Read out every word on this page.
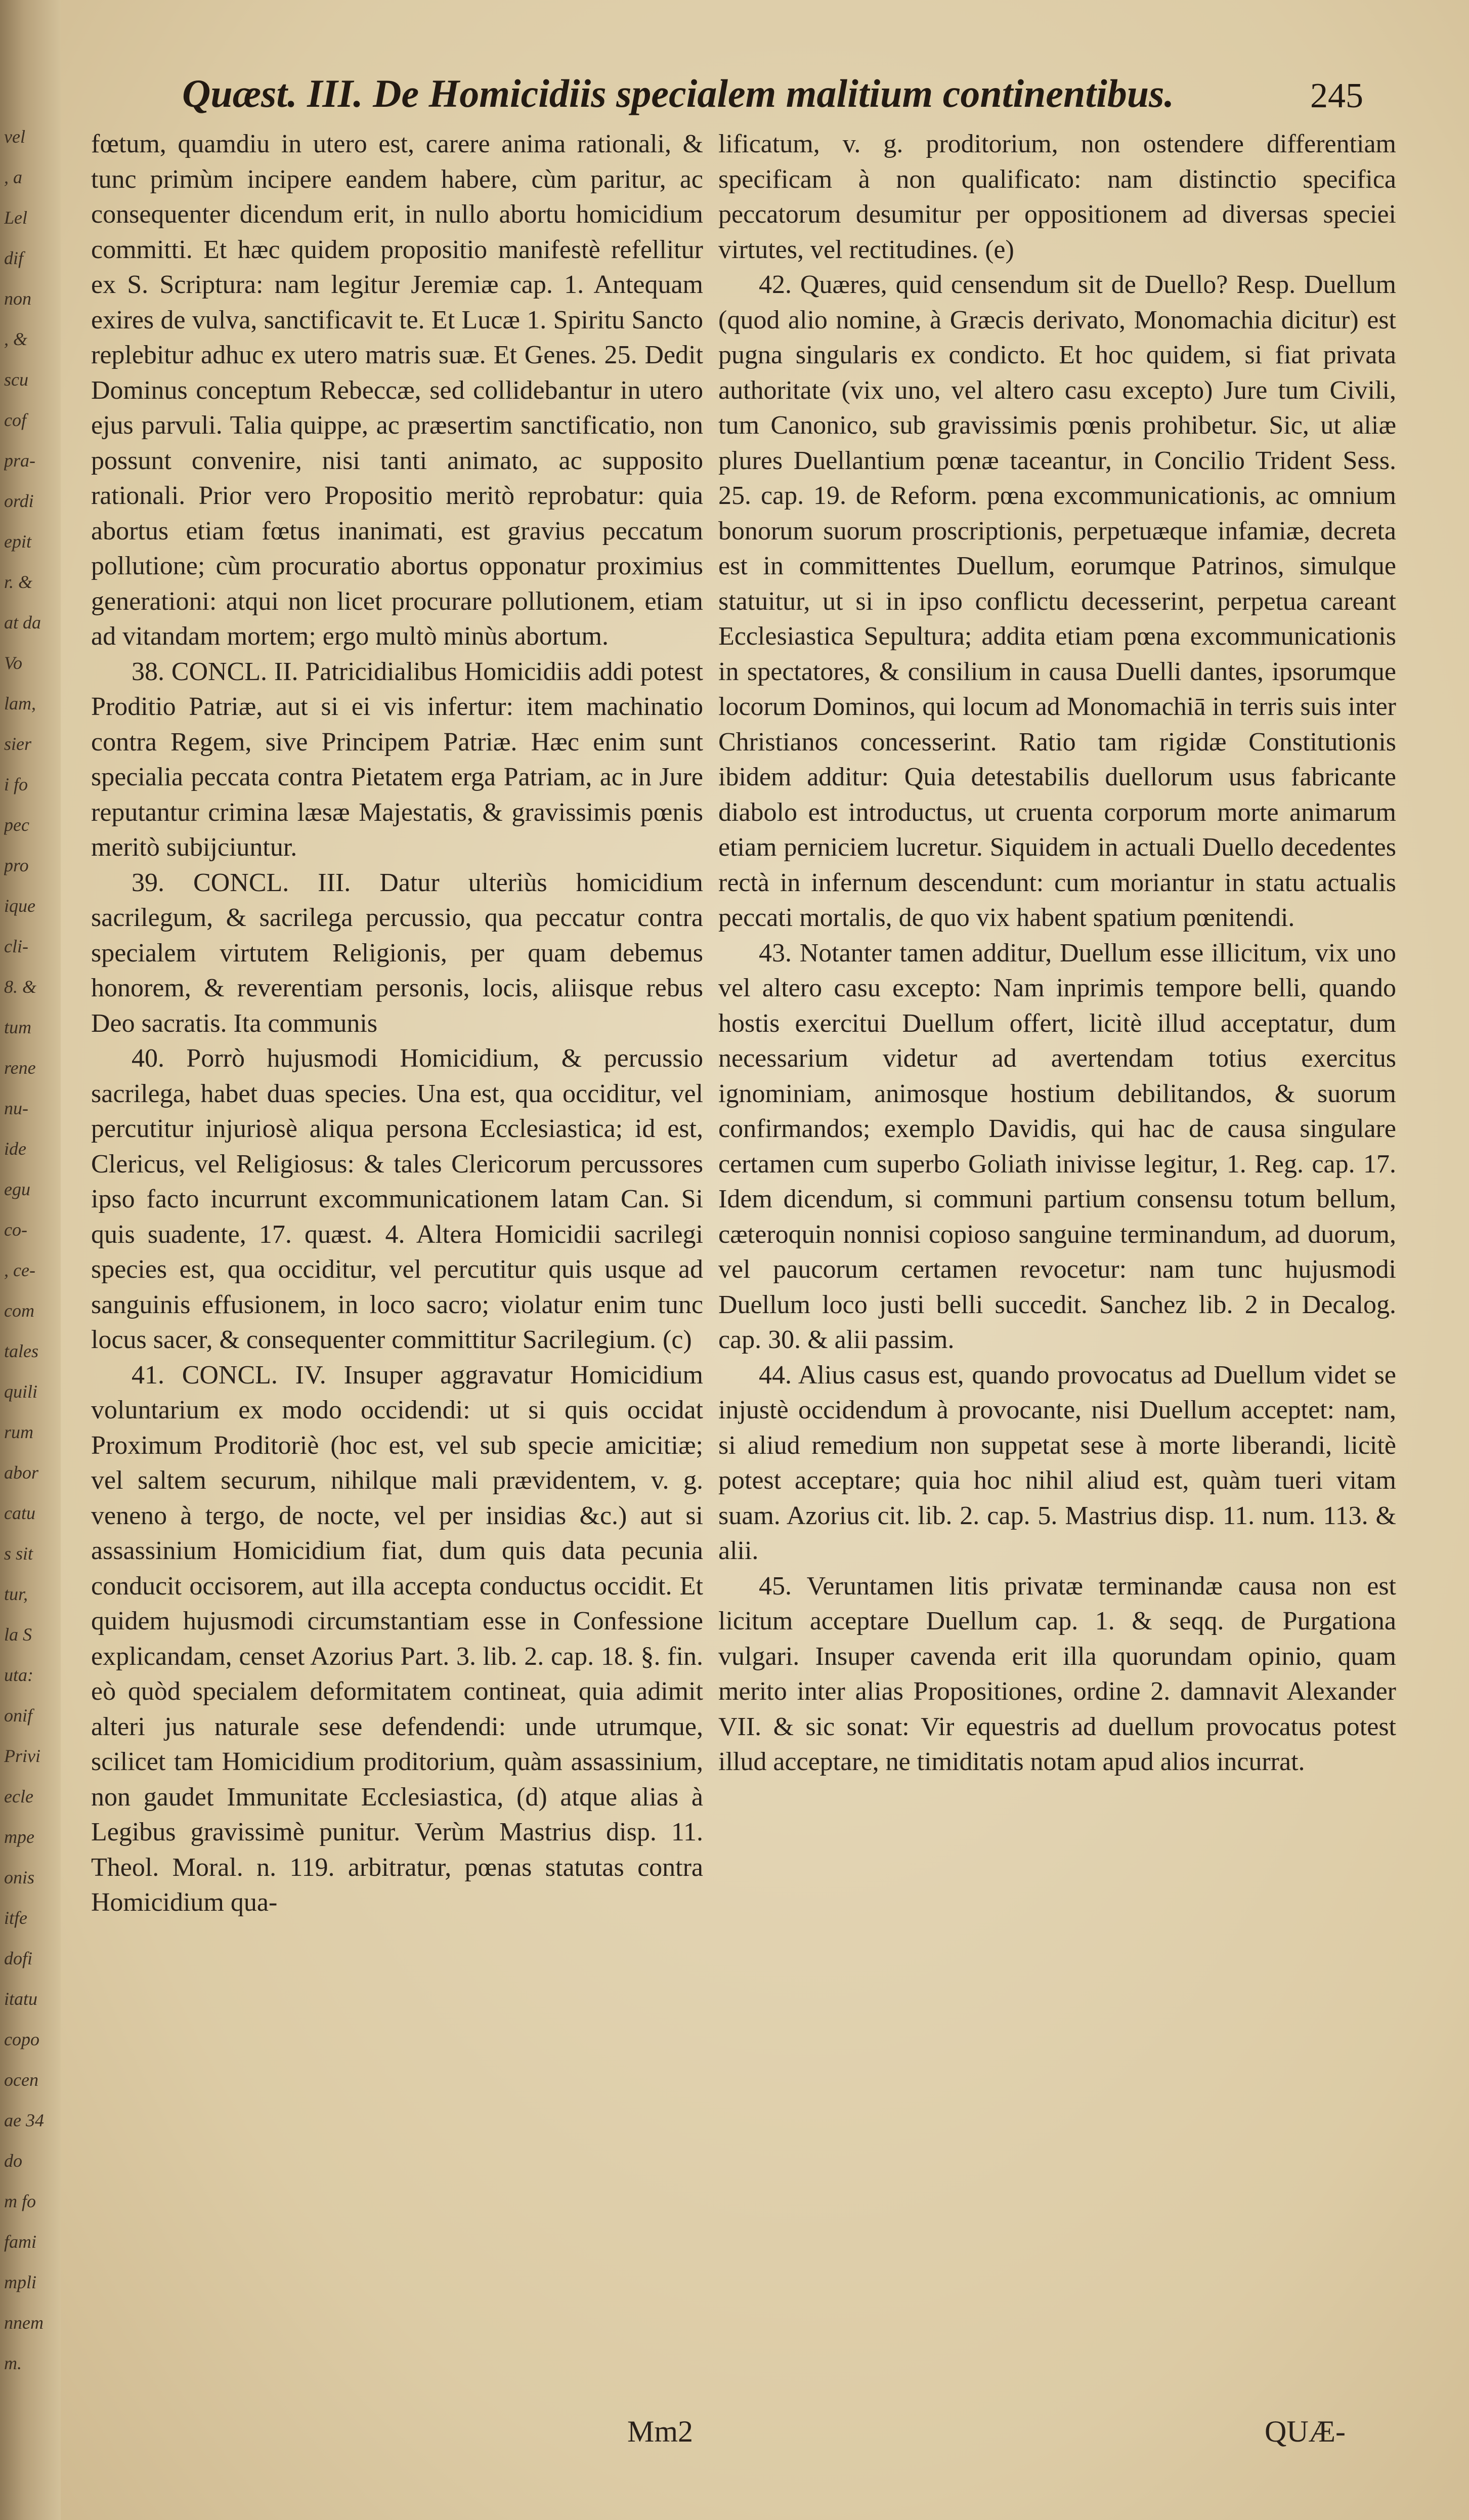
vel
, a
Lel
dif
non
, &
scu
cof
pra-
ordi
epit
r. &
at da
Vo
lam,
sier
i fo
pec
pro
ique
cli-
8. &
tum
rene
nu-
ide
egu
co-
, ce-
com
tales
quili
rum
abor
catu
s sit
tur,
la S
uta:
onif
Privi
ecle
mpe
onis
itfe
dofi
itatu
copo
ocen
ae 34
do
m fo
fami
mpli
nnem
m.
Quæst. III. De Homicidiis specialem malitium continentibus.	245

fœtum, quamdiu in utero est, carere anima rationali, & tunc primùm incipere eandem habere, cùm paritur, ac consequenter dicendum erit, in nullo abortu homicidium committi. Et hæc quidem propositio manifestè refellitur ex S. Scriptura: nam legitur Jeremiæ cap. 1. Antequam exires de vulva, sanctificavit te. Et Lucæ 1. Spiritu Sancto replebitur adhuc ex utero matris suæ. Et Genes. 25. Dedit Dominus conceptum Rebeccæ, sed collidebantur in utero ejus parvuli. Talia quippe, ac præsertim sanctificatio, non possunt convenire, nisi tanti animato, ac supposito rationali. Prior vero Propositio meritò reprobatur: quia abortus etiam fœtus inanimati, est gravius peccatum pollutione; cùm procuratio abortus opponatur proximius generationi: atqui non licet procurare pollutionem, etiam ad vitandam mortem; ergo multò minùs abortum.

38. CONCL. II. Patricidialibus Homicidiis addi potest Proditio Patriæ, aut si ei vis infertur: item machinatio contra Regem, sive Principem Patriæ. Hæc enim sunt specialia peccata contra Pietatem erga Patriam, ac in Jure reputantur crimina læsæ Majestatis, & gravissimis pœnis meritò subijciuntur.

39. CONCL. III. Datur ulteriùs homicidium sacrilegum, & sacrilega percussio, qua peccatur contra specialem virtutem Religionis, per quam debemus honorem, & reverentiam personis, locis, aliisque rebus Deo sacratis. Ita communis

40. Porrò hujusmodi Homicidium, & percussio sacrilega, habet duas species. Una est, qua occiditur, vel percutitur injuriosè aliqua persona Ecclesiastica; id est, Clericus, vel Religiosus: & tales Clericorum percussores ipso facto incurrunt excommunicationem latam Can. Si quis suadente, 17. quæst. 4. Altera Homicidii sacrilegi species est, qua occiditur, vel percutitur quis usque ad sanguinis effusionem, in loco sacro; violatur enim tunc locus sacer, & consequenter committitur Sacrilegium. (c)

41. CONCL. IV. Insuper aggravatur Homicidium voluntarium ex modo occidendi: ut si quis occidat Proximum Proditoriè (hoc est, vel sub specie amicitiæ; vel saltem securum, nihilque mali prævidentem, v. g. veneno à tergo, de nocte, vel per insidias &c.) aut si assassinium Homicidium fiat, dum quis data pecunia conducit occisorem, aut illa accepta conductus occidit. Et quidem hujusmodi circumstantiam esse in Confessione explicandam, censet Azorius Part. 3. lib. 2. cap. 18. §. fin. eò quòd specialem deformitatem contineat, quia adimit alteri jus naturale sese defendendi: unde utrumque, scilicet tam Homicidium proditorium, quàm assassinium, non gaudet Immunitate Ecclesiastica, (d) atque alias à Legibus gravissimè punitur. Verùm Mastrius disp. 11. Theol. Moral. n. 119. arbitratur, pœnas statutas contra Homicidium qua-

lificatum, v. g. proditorium, non ostendere differentiam specificam à non qualificato: nam distinctio specifica peccatorum desumitur per oppositionem ad diversas speciei virtutes, vel rectitudines. (e)

42. Quæres, quid censendum sit de Duello? Resp. Duellum (quod alio nomine, à Græcis derivato, Monomachia dicitur) est pugna singularis ex condicto. Et hoc quidem, si fiat privata authoritate (vix uno, vel altero casu excepto) Jure tum Civili, tum Canonico, sub gravissimis pœnis prohibetur. Sic, ut aliæ plures Duellantium pœnæ taceantur, in Concilio Trident Sess. 25. cap. 19. de Reform. pœna excommunicationis, ac omnium bonorum suorum proscriptionis, perpetuæque infamiæ, decreta est in committentes Duellum, eorumque Patrinos, simulque statuitur, ut si in ipso conflictu decesserint, perpetua careant Ecclesiastica Sepultura; addita etiam pœna excommunicationis in spectatores, & consilium in causa Duelli dantes, ipsorumque locorum Dominos, qui locum ad Monomachiā in terris suis inter Christianos concesserint. Ratio tam rigidæ Constitutionis ibidem additur: Quia detestabilis duellorum usus fabricante diabolo est introductus, ut cruenta corporum morte animarum etiam perniciem lucretur. Siquidem in actuali Duello decedentes rectà in infernum descendunt: cum moriantur in statu actualis peccati mortalis, de quo vix habent spatium pœnitendi.

43. Notanter tamen additur, Duellum esse illicitum, vix uno vel altero casu excepto: Nam inprimis tempore belli, quando hostis exercitui Duellum offert, licitè illud acceptatur, dum necessarium videtur ad avertendam totius exercitus ignominiam, animosque hostium debilitandos, & suorum confirmandos; exemplo Davidis, qui hac de causa singulare certamen cum superbo Goliath inivisse legitur, 1. Reg. cap. 17. Idem dicendum, si communi partium consensu totum bellum, cæteroquin nonnisi copioso sanguine terminandum, ad duorum, vel paucorum certamen revocetur: nam tunc hujusmodi Duellum loco justi belli succedit. Sanchez lib. 2 in Decalog. cap. 30. & alii passim.

44. Alius casus est, quando provocatus ad Duellum videt se injustè occidendum à provocante, nisi Duellum acceptet: nam, si aliud remedium non suppetat sese à morte liberandi, licitè potest acceptare; quia hoc nihil aliud est, quàm tueri vitam suam. Azorius cit. lib. 2. cap. 5. Mastrius disp. 11. num. 113. & alii.

45. Veruntamen litis privatæ terminandæ causa non est licitum acceptare Duellum cap. 1. & seqq. de Purgationa vulgari. Insuper cavenda erit illa quorundam opinio, quam merito inter alias Propositiones, ordine 2. damnavit Alexander VII. & sic sonat: Vir equestris ad duellum provocatus potest illud acceptare, ne timiditatis notam apud alios incurrat.

Mm2	QUÆ-
